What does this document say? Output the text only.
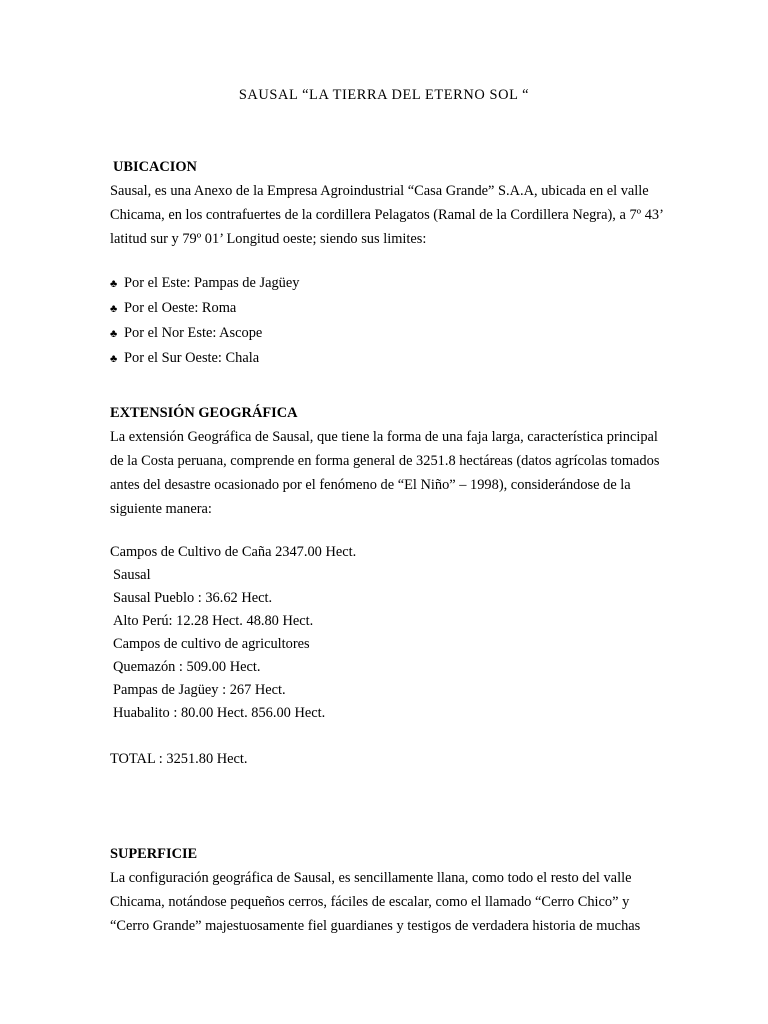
SAUSAL “LA TIERRA DEL ETERNO SOL “
UBICACION
Sausal, es una Anexo de la Empresa Agroindustrial “Casa Grande” S.A.A, ubicada en el valle
Chicama, en los contrafuertes de la cordillera Pelagatos (Ramal de la Cordillera Negra), a 7º 43’
latitud sur y 79º 01’ Longitud oeste; siendo sus limites:
♣ Por el Este: Pampas de Jagüey
♣ Por el Oeste: Roma
♣ Por el Nor Este: Ascope
♣ Por el Sur Oeste: Chala
EXTENSIÓN GEOGRÁFICA
La extensión Geográfica de Sausal, que tiene la forma de una faja larga, característica principal
de la Costa peruana, comprende en forma general de 3251.8 hectáreas (datos agrícolas tomados
antes del desastre ocasionado por el fenómeno de “El Niño” – 1998), considerándose de la
siguiente manera:
Campos de Cultivo de Caña 2347.00 Hect.
Sausal
Sausal Pueblo : 36.62 Hect.
Alto Perú: 12.28 Hect. 48.80 Hect.
Campos de cultivo de agricultores
Quemazón : 509.00 Hect.
Pampas de Jagüey : 267 Hect.
Huabalito : 80.00 Hect. 856.00 Hect.
TOTAL : 3251.80 Hect.
SUPERFICIE
La configuración geográfica de Sausal, es sencillamente llana, como todo el resto del valle
Chicama, notándose pequeños cerros, fáciles de escalar, como el llamado “Cerro Chico” y
“Cerro Grande” majestuosamente fiel guardianes y testigos de verdadera historia de muchas
